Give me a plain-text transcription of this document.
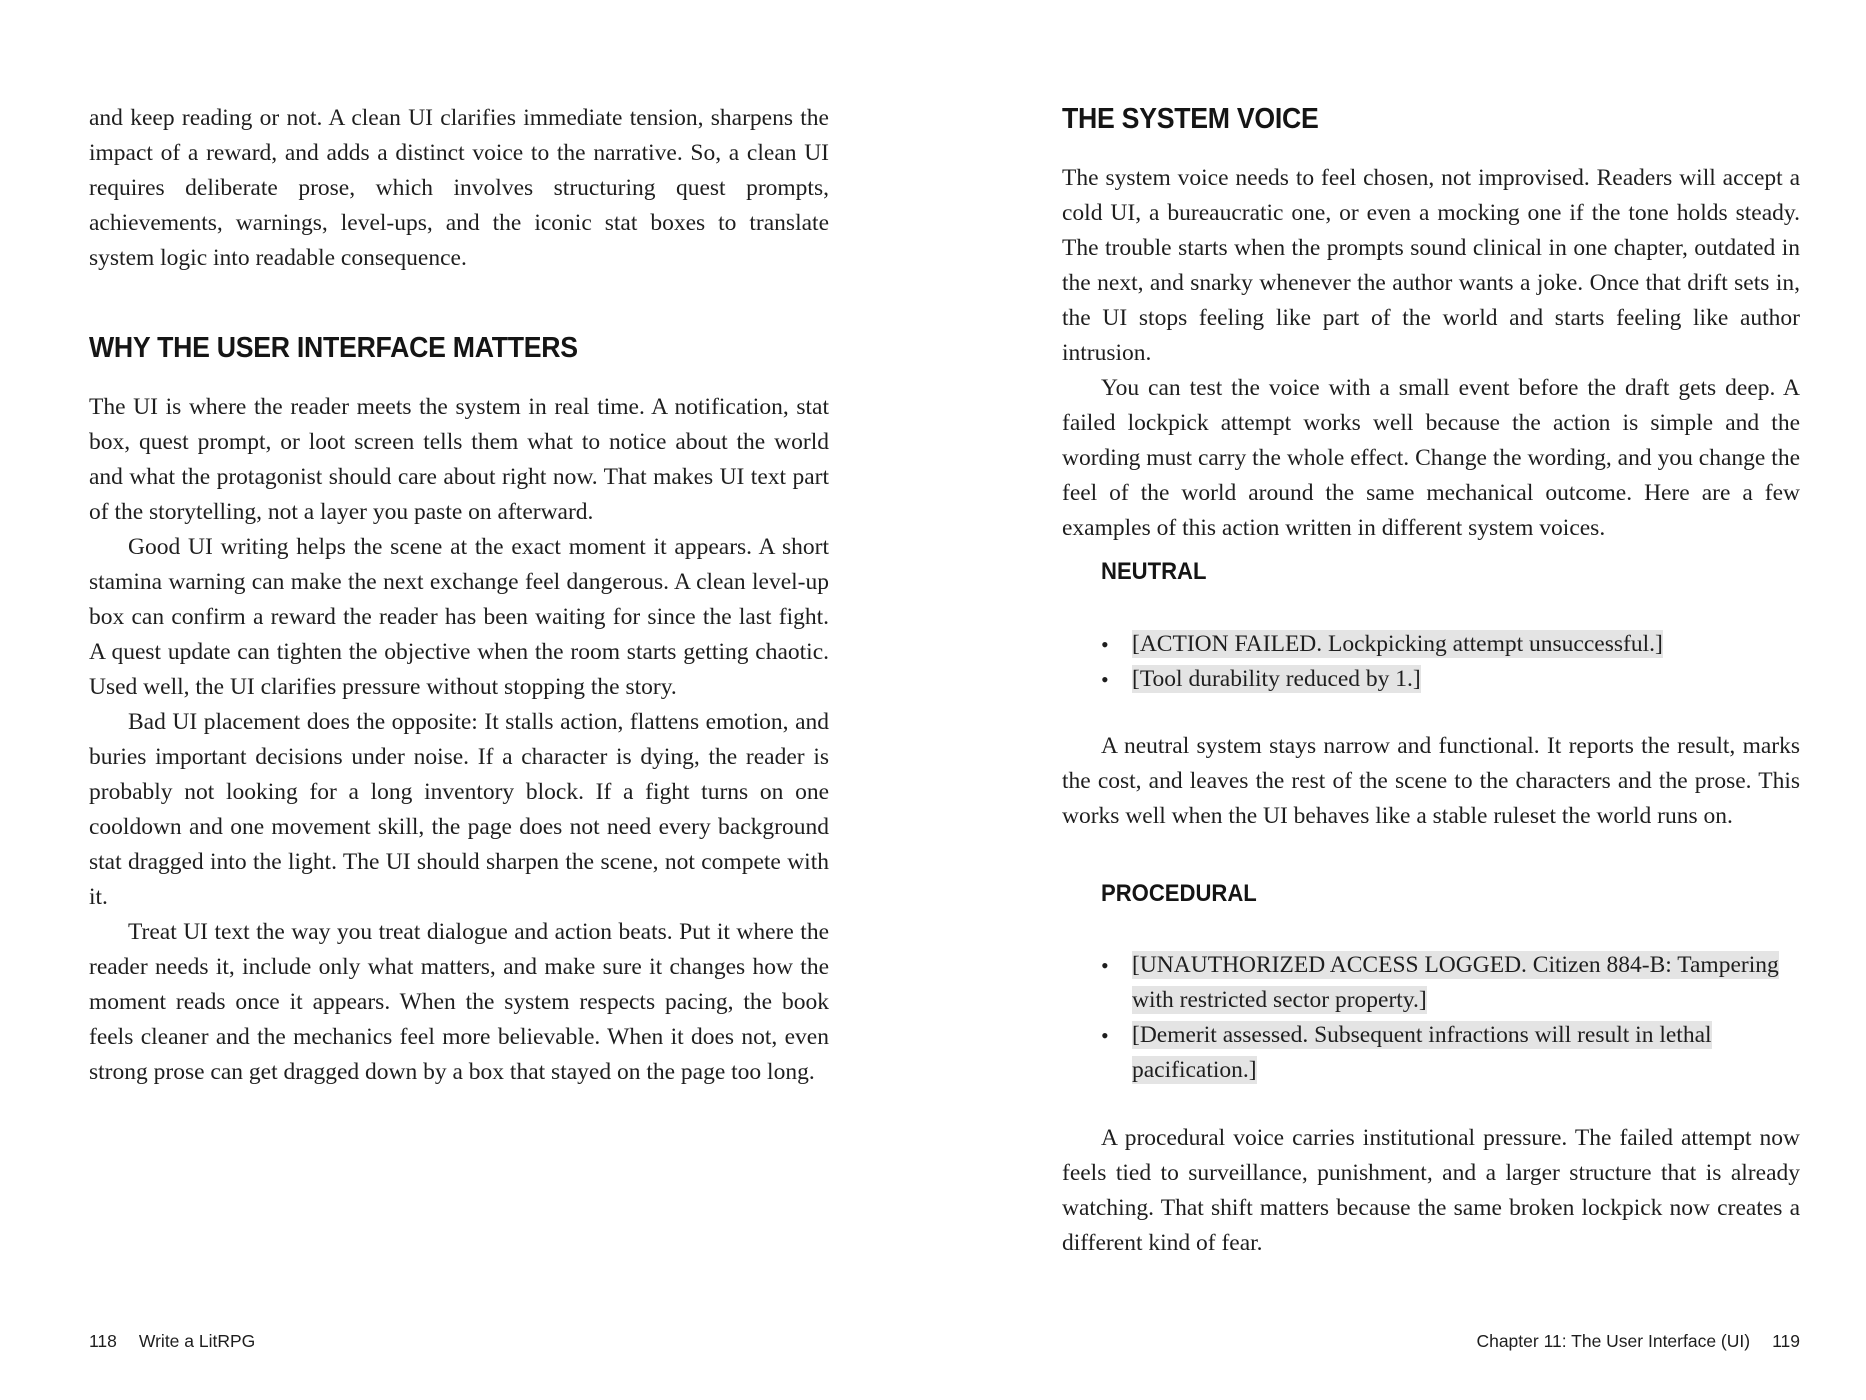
and keep reading or not. A clean UI clarifies immediate tension, sharpens the impact of a reward, and adds a distinct voice to the narrative. So, a clean UI requires deliberate prose, which involves structuring quest prompts, achievements, warnings, level-ups, and the iconic stat boxes to translate system logic into readable consequence.

WHY THE USER INTERFACE MATTERS

The UI is where the reader meets the system in real time. A notification, stat box, quest prompt, or loot screen tells them what to notice about the world and what the protagonist should care about right now. That makes UI text part of the storytelling, not a layer you paste on afterward.

Good UI writing helps the scene at the exact moment it appears. A short stamina warning can make the next exchange feel dangerous. A clean level-up box can confirm a reward the reader has been waiting for since the last fight. A quest update can tighten the objective when the room starts getting chaotic. Used well, the UI clarifies pressure without stopping the story.

Bad UI placement does the opposite: It stalls action, flattens emotion, and buries important decisions under noise. If a character is dying, the reader is probably not looking for a long inventory block. If a fight turns on one cooldown and one movement skill, the page does not need every background stat dragged into the light. The UI should sharpen the scene, not compete with it.

Treat UI text the way you treat dialogue and action beats. Put it where the reader needs it, include only what matters, and make sure it changes how the moment reads once it appears. When the system respects pacing, the book feels cleaner and the mechanics feel more believable. When it does not, even strong prose can get dragged down by a box that stayed on the page too long.

118 Write a LitRPG
THE SYSTEM VOICE

The system voice needs to feel chosen, not improvised. Readers will accept a cold UI, a bureaucratic one, or even a mocking one if the tone holds steady. The trouble starts when the prompts sound clinical in one chapter, outdated in the next, and snarky whenever the author wants a joke. Once that drift sets in, the UI stops feeling like part of the world and starts feeling like author intrusion.

You can test the voice with a small event before the draft gets deep. A failed lockpick attempt works well because the action is simple and the wording must carry the whole effect. Change the wording, and you change the feel of the world around the same mechanical outcome. Here are a few examples of this action written in different system voices.

NEUTRAL
• [ACTION FAILED. Lockpicking attempt unsuccessful.]
• [Tool durability reduced by 1.]

A neutral system stays narrow and functional. It reports the result, marks the cost, and leaves the rest of the scene to the characters and the prose. This works well when the UI behaves like a stable ruleset the world runs on.

PROCEDURAL
• [UNAUTHORIZED ACCESS LOGGED. Citizen 884-B: Tampering with restricted sector property.]
• [Demerit assessed. Subsequent infractions will result in lethal pacification.]

A procedural voice carries institutional pressure. The failed attempt now feels tied to surveillance, punishment, and a larger structure that is already watching. That shift matters because the same broken lockpick now creates a different kind of fear.

Chapter 11: The User Interface (UI) 119
